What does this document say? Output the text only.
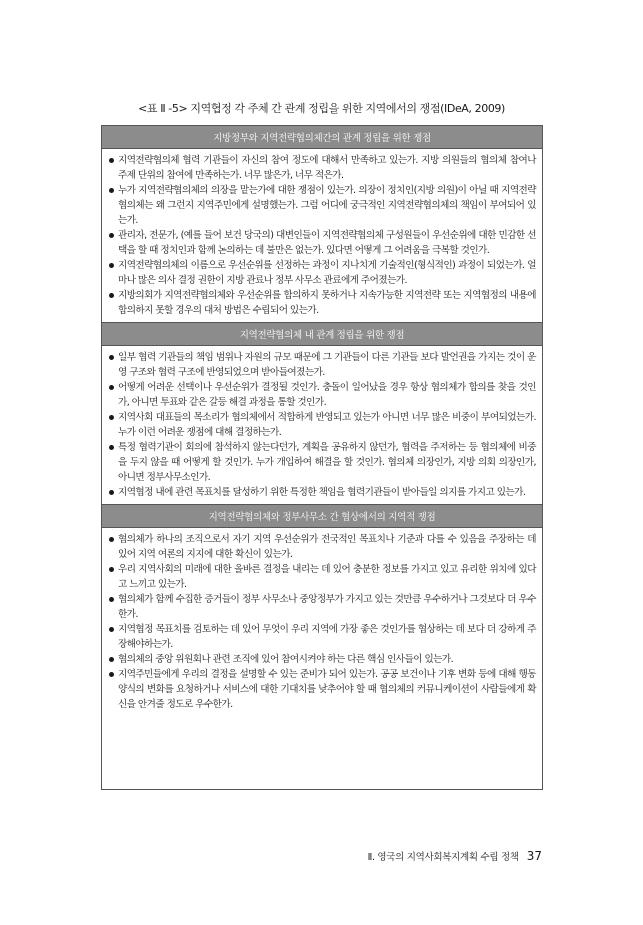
<표 Ⅱ -5> 지역협정 각 주체 간 관계 정립을 위한 지역에서의 쟁점(IDeA, 2009)
지방정부와 지역전략협의체간의 관계 정립을 위한 쟁점
지역전략협의체 협력 기관들이 자신의 참여 정도에 대해서 만족하고 있는가. 지방 의원들의 협의체 참여나 주제 단위의 참여에 만족하는가. 너무 많은가, 너무 적은가.
누가 지역전략협의체의 의장을 맡는가에 대한 쟁점이 있는가. 의장이 정치인(지방 의원)이 아닐 때 지역전략협의체는 왜 그런지 지역주민에게 설명했는가. 그럼 어디에 궁극적인 지역전략협의체의 책임이 부여되어 있는가.
관리자, 전문가, (예를 들어 보건 당국의) 대변인들이 지역전략협의체 구성원들이 우선순위에 대한 민감한 선택을 할 때 정치인과 함께 논의하는 데 불만은 없는가. 있다면 어떻게 그 어려움을 극복할 것인가.
지역전략협의체의 이름으로 우선순위를 선정하는 과정이 지나치게 기술적인(형식적인) 과정이 되었는가. 얼마나 많은 의사 결정 권한이 지방 관료나 정부 사무소 관료에게 주어졌는가.
지방의회가 지역전략협의체와 우선순위를 합의하지 못하거나 지속가능한 지역전략 또는 지역협정의 내용에 합의하지 못할 경우의 대처 방법은 수립되어 있는가.
지역전략협의체 내 관계 정립을 위한 쟁점
일부 협력 기관들의 책임 범위나 자원의 규모 때문에 그 기관들이 다른 기관들 보다 발언권을 가지는 것이 운영 구조와 협력 구조에 반영되었으며 받아들여졌는가.
어떻게 어려운 선택이나 우선순위가 결정될 것인가. 충돌이 일어났을 경우 항상 협의체가 합의를 찾을 것인가, 아니면 투표와 같은 갈등 해결 과정을 통할 것인가.
지역사회 대표들의 목소리가 협의체에서 적합하게 반영되고 있는가 아니면 너무 많은 비중이 부여되었는가. 누가 이런 어려운 쟁점에 대해 결정하는가.
특정 협력기관이 회의에 참석하지 않는다던가, 계획을 공유하지 않던가, 협력을 주저하는 등 협의체에 비중을 두지 않을 때 어떻게 할 것인가. 누가 개입하여 해결을 할 것인가. 협의체 의장인가, 지방 의회 의장인가, 아니면 정부사무소인가.
지역협정 내에 관련 목표치를 달성하기 위한 특정한 책임을 협력기관들이 받아들일 의지를 가지고 있는가.
지역전략협의체와 정부사무소 간 협상에서의 지역적 쟁점
협의체가 하나의 조직으로서 자기 지역 우선순위가 전국적인 목표치나 기준과 다를 수 있음을 주장하는 데 있어 지역 여론의 지지에 대한 확신이 있는가.
우리 지역사회의 미래에 대한 올바른 결정을 내리는 데 있어 충분한 정보를 가지고 있고 유리한 위치에 있다고 느끼고 있는가.
협의체가 함께 수집한 증거들이 정부 사무소나 중앙정부가 가지고 있는 것만큼 우수하거나 그것보다 더 우수한가.
지역협정 목표치를 검토하는 데 있어 무엇이 우리 지역에 가장 좋은 것인가를 협상하는 데 보다 더 강하게 주장해야하는가.
협의체의 중앙 위원회나 관련 조직에 있어 참여시켜야 하는 다른 핵심 인사들이 있는가.
지역주민들에게 우리의 결정을 설명할 수 있는 준비가 되어 있는가. 공공 보건이나 기후 변화 등에 대해 행동양식의 변화를 요청하거나 서비스에 대한 기대치를 낮추어야 할 때 협의체의 커뮤니케이션이 사람들에게 확신을 안겨줄 정도로 우수한가.
Ⅱ. 영국의 지역사회복지계획 수립 정책 37
